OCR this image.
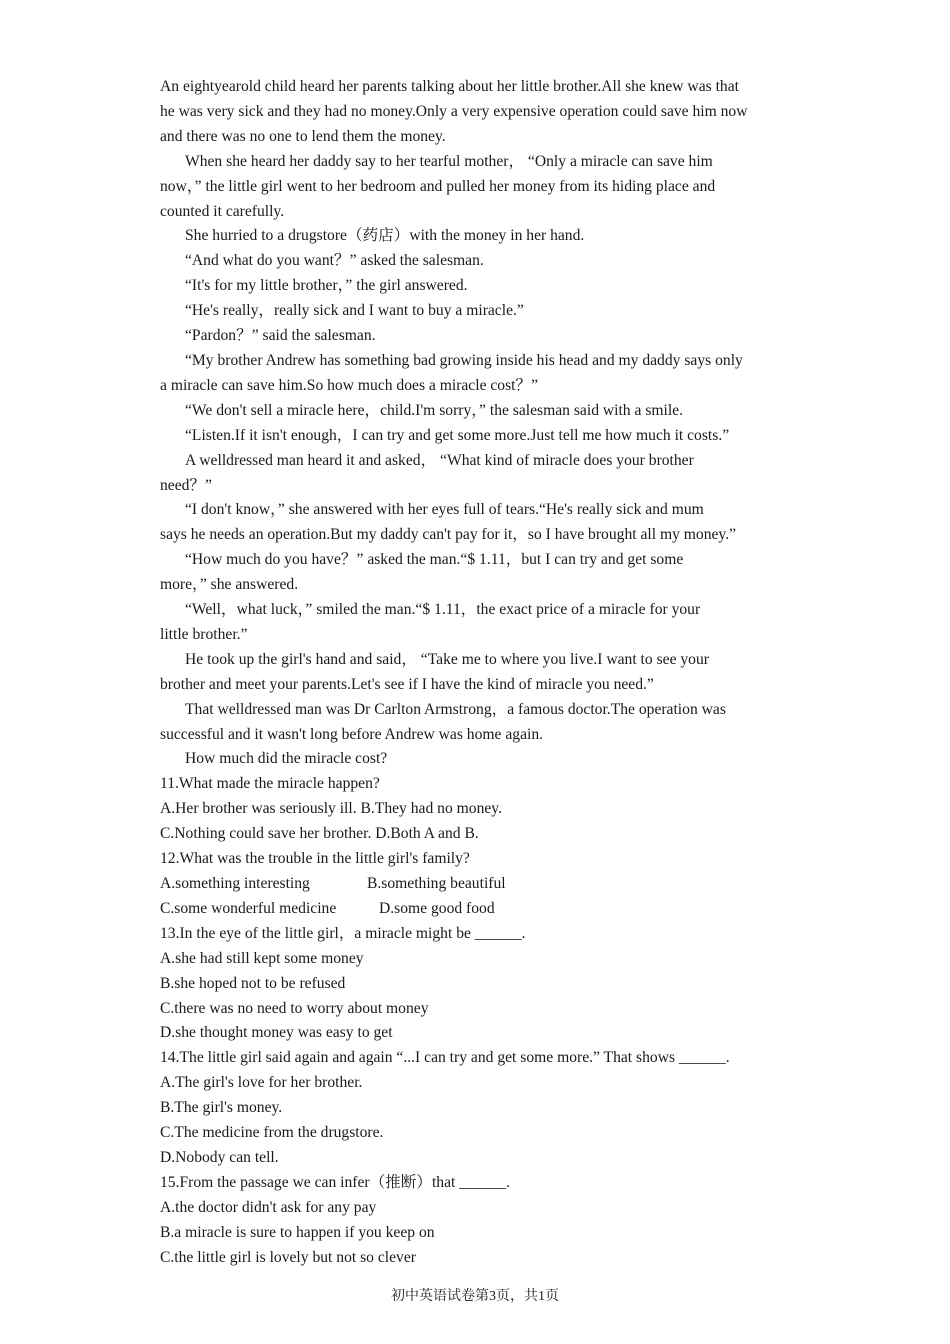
An eightyearold child heard her parents talking about her little brother.All she knew was that
he was very sick and they had no money.Only a very expensive operation could save him now
and there was no one to lend them the money.
When she heard her daddy say to her tearful mother， “Only a miracle can save him
now，” the little girl went to her bedroom and pulled her money from its hiding place and
counted it carefully.
She hurried to a drugstore（药店）with the money in her hand.
“And what do you want？” asked the salesman.
“It's for my little brother，” the girl answered.
“He's really，really sick and I want to buy a miracle.”
“Pardon？” said the salesman.
“My brother Andrew has something bad growing inside his head and my daddy says only
a miracle can save him.So how much does a miracle cost？”
“We don't sell a miracle here，child.I'm sorry，” the salesman said with a smile.
“Listen.If it isn't enough，I can try and get some more.Just tell me how much it costs.”
A welldressed man heard it and asked， “What kind of miracle does your brother
need？”
“I don't know，” she answered with her eyes full of tears.“He's really sick and mum
says he needs an operation.But my daddy can't pay for it，so I have brought all my money.”
“How much do you have？” asked the man.“$ 1.11，but I can try and get some
more，” she answered.
“Well，what luck，” smiled the man.“$ 1.11，the exact price of a miracle for your
little brother.”
He took up the girl's hand and said， “Take me to where you live.I want to see your
brother and meet your parents.Let's see if I have the kind of miracle you need.”
That welldressed man was Dr Carlton Armstrong，a famous doctor.The operation was
successful and it wasn't long before Andrew was home again.
How much did the miracle cost?
11.What made the miracle happen?
A.Her brother was seriously ill. B.They had no money.
C.Nothing could save her brother. D.Both A and B.
12.What was the trouble in the little girl's family?
A.something interesting	B.something beautiful
C.some wonderful medicine	D.some good food
13.In the eye of the little girl，a miracle might be ______.
A.she had still kept some money
B.she hoped not to be refused
C.there was no need to worry about money
D.she thought money was easy to get
14.The little girl said again and again “...I can try and get some more.” That shows ______.
A.The girl's love for her brother.
B.The girl's money.
C.The medicine from the drugstore.
D.Nobody can tell.
15.From the passage we can infer（推断）that ______.
A.the doctor didn't ask for any pay
B.a miracle is sure to happen if you keep on
C.the little girl is lovely but not so clever
初中英语试卷第3页，共1页
